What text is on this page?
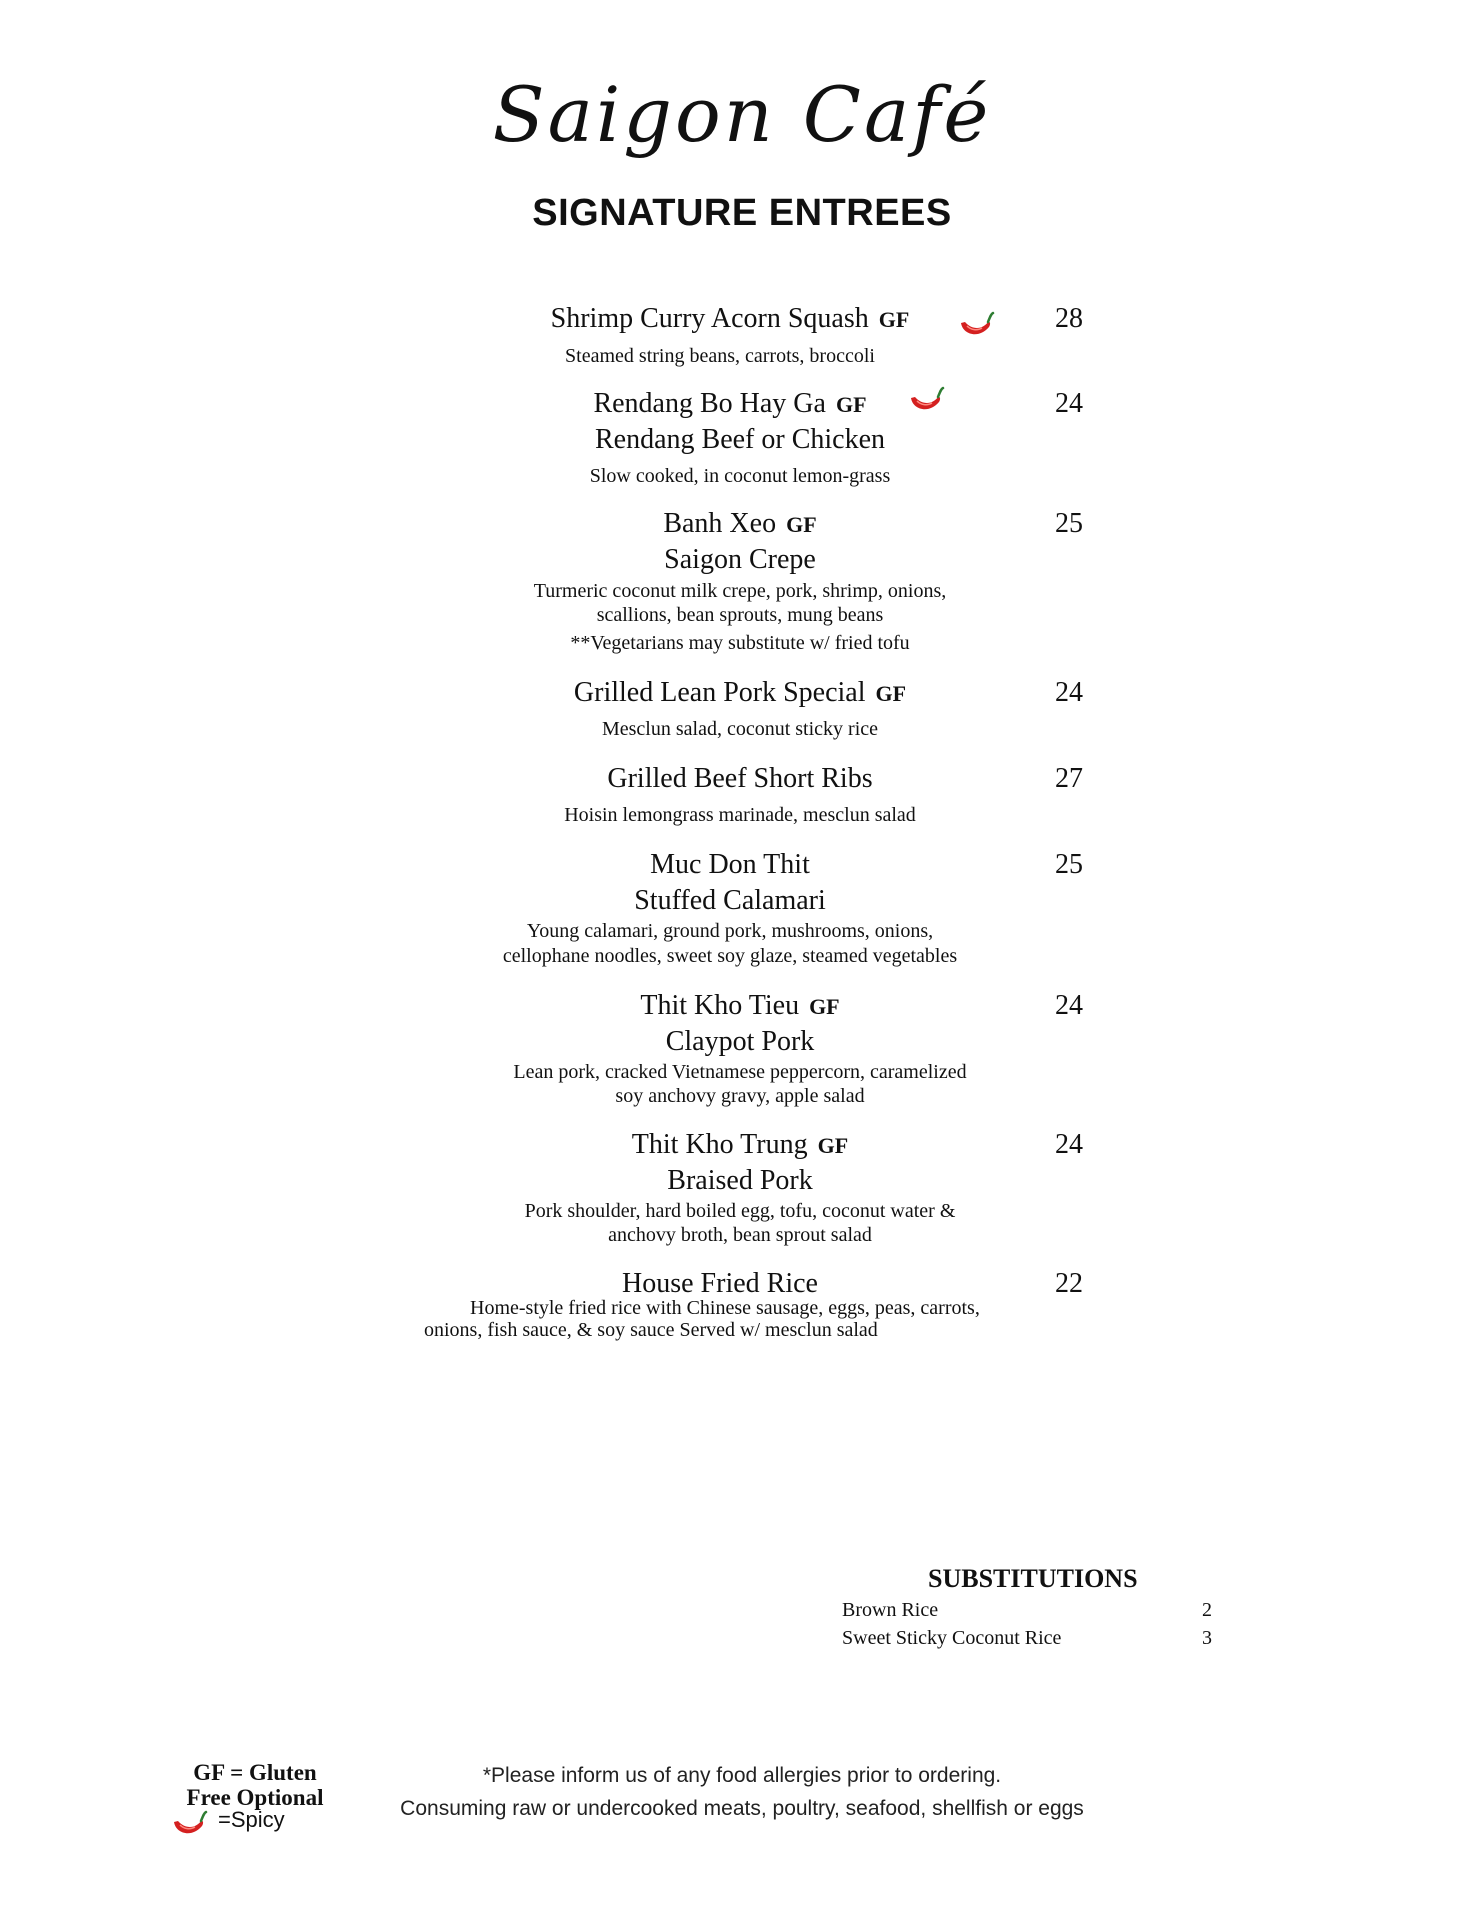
Saigon Café
SIGNATURE ENTREES
Shrimp Curry Acorn Squash GF	28
Steamed string beans, carrots, broccoli
Rendang Bo Hay Ga GF	24
Rendang Beef or Chicken
Slow cooked, in coconut lemon-grass
Banh Xeo GF	25
Saigon Crepe
Turmeric coconut milk crepe, pork, shrimp, onions,
scallions, bean sprouts, mung beans
**Vegetarians may substitute w/ fried tofu
Grilled Lean Pork Special GF	24
Mesclun salad, coconut sticky rice
Grilled Beef Short Ribs	27
Hoisin lemongrass marinade, mesclun salad
Muc Don Thit	25
Stuffed Calamari
Young calamari, ground pork, mushrooms, onions,
cellophane noodles, sweet soy glaze, steamed vegetables
Thit Kho Tieu GF	24
Claypot Pork
Lean pork, cracked Vietnamese peppercorn, caramelized
soy anchovy gravy, apple salad
Thit Kho Trung GF	24
Braised Pork
Pork shoulder, hard boiled egg, tofu, coconut water &
anchovy broth, bean sprout salad
House Fried Rice	22
Home-style fried rice with Chinese sausage, eggs, peas, carrots,
onions, fish sauce, & soy sauce Served w/ mesclun salad
SUBSTITUTIONS
Brown Rice	2
Sweet Sticky Coconut Rice	3
GF = Gluten
Free Optional
=Spicy
*Please inform us of any food allergies prior to ordering.
Consuming raw or undercooked meats, poultry, seafood, shellfish or eggs
